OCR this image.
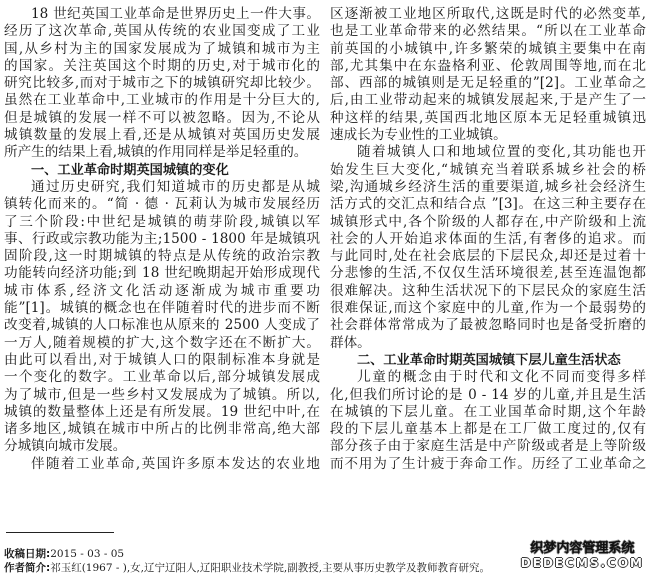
18 世纪英国工业革命是世界历史上一件大事。
经历了这次革命,英国从传统的农业国变成了工业
国,从乡村为主的国家发展成为了城镇和城市为主
的国家。关注英国这个时期的历史,对于城市化的
研究比较多,而对于城市之下的城镇研究却比较少。
虽然在工业革命中,工业城市的作用是十分巨大的,
但是城镇的发展一样不可以被忽略。因为,不论从
城镇数量的发展上看,还是从城镇对英国历史发展
所产生的结果上看,城镇的作用同样是举足轻重的。
一、工业革命时期英国城镇的变化
通过历史研究,我们知道城市的历史都是从城
镇转化而来的。“简 · 德 · 瓦莉认为城市发展经历
了三个阶段:中世纪是城镇的萌芽阶段,城镇以军
事、行政或宗教功能为主;1500 - 1800 年是城镇巩
固阶段,这一时期城镇的特点是从传统的政治宗教
功能转向经济功能;到 18 世纪晚期起开始形成现代
城市体系,经济文化活动逐渐成为城市重要功
能”[1]。城镇的概念也在伴随着时代的进步而不断
改变着,城镇的人口标准也从原来的 2500 人变成了
一万人,随着规模的扩大,这个数字还在不断扩大。
由此可以看出,对于城镇人口的限制标准本身就是
一个变化的数字。工业革命以后,部分城镇发展成
为了城市,但是一些乡村又发展成为了城镇。所以,
城镇的数量整体上还是有所发展。19 世纪中叶,在
诸多地区,城镇在城市中所占的比例非常高,绝大部
分城镇向城市发展。
伴随着工业革命,英国许多原本发达的农业地
区逐渐被工业地区所取代,这既是时代的必然变革,
也是工业革命带来的必然结果。“所以在工业革命
前英国的小城镇中,许多繁荣的城镇主要集中在南
部,尤其集中在东盎格利亚、伦敦周围等地,而在北
部、西部的城镇则是无足轻重的”[2]。工业革命之
后,由工业带动起来的城镇发展起来,于是产生了一
种这样的结果,英国西北地区原本无足轻重城镇迅
速成长为专业性的工业城镇。
随着城镇人口和地域位置的变化,其功能也开
始发生巨大变化,“城镇充当着联系城乡社会的桥
梁,沟通城乡经济生活的重要渠道,城乡社会经济生
活方式的交汇点和结合点 ”[3]。在这三种主要存在
城镇形式中,各个阶级的人都存在,中产阶级和上流
社会的人开始追求体面的生活,有奢侈的追求。而
与此同时,处在社会底层的下层民众,却还是过着十
分悲惨的生活,不仅仅生活环境很差,甚至连温饱都
很难解决。这种生活状况下的下层民众的家庭生活
很难保证,而这个家庭中的儿童,作为一个最弱势的
社会群体常常成为了最被忽略同时也是备受折磨的
群体。
二、工业革命时期英国城镇下层儿童生活状态
儿童的概念由于时代和文化不同而变得多样
化,但我们所讨论的是 0 - 14 岁的儿童,并且是生活
在城镇的下层儿童。在工业国革命时期,这个年龄
段的下层儿童基本上都是在工厂做工度过的,仅有
部分孩子由于家庭生活是中产阶级或者是上等阶级
而不用为了生计疲于奔命工作。历经了工业革命之
收稿日期:2015 - 03 - 05
作者简介:祁玉红(1967 - ),女,辽宁辽阳人,辽阳职业技术学院,副教授,主要从事历史教学及教师教育研究。
织梦内容管理系统
DEDECMS.COM
